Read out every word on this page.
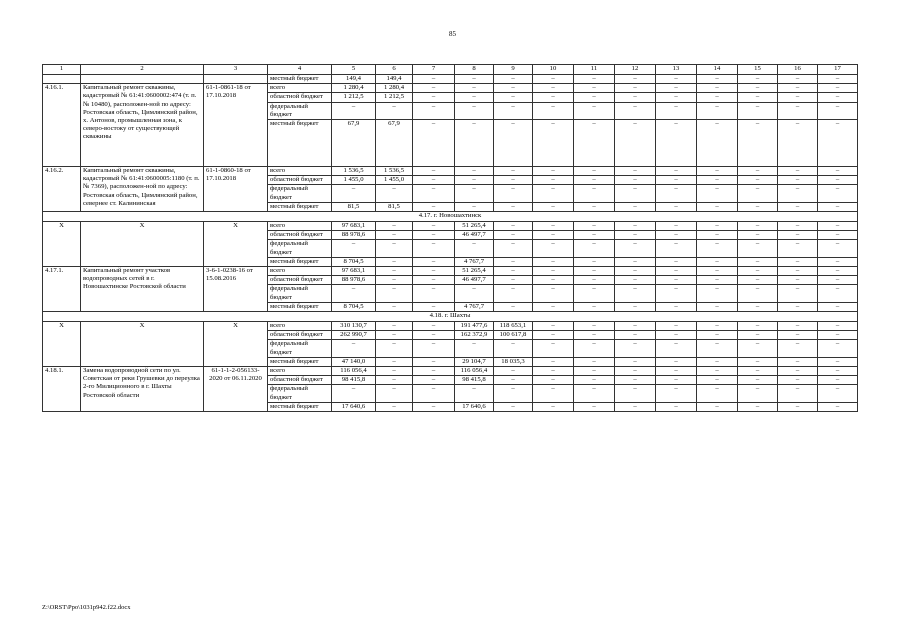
85
1	2	3	4	5	6	7	8	9	10	11	12	13	14	15	16	17
			местный бюджет	149,4	149,4	–	–	–	–	–	–	–	–	–	–	–
4.16.1.	Капитальный ремонт скважины, кадастровый № 61:41:0600002:474 (т. п. № 10480), расположен-ной по адресу: Ростовская область, Цимлянский район, х. Антонов, промышленная зона, к северо-востоку от существующей скважины	61-1-0861-18 от 17.10.2018	всего	1 280,4	1 280,4	–	–	–	–	–	–	–	–	–	–	–
			областной бюджет	1 212,5	1 212,5	–	–	–	–	–	–	–	–	–	–	–
			федеральный бюджет	–	–	–	–	–	–	–	–	–	–	–	–	–
			местный бюджет	67,9	67,9	–	–	–	–	–	–	–	–	–	–	–
4.16.2.	Капитальный ремонт скважины, кадастровый № 61:41:0600005:1180 (т. п. № 7369), расположен-ной по адресу: Ростовская область, Цимлянский район, севернее ст. Калининская	61-1-0860-18 от 17.10.2018	всего	1 536,5	1 536,5	–	–	–	–	–	–	–	–	–	–	–
			областной бюджет	1 455,0	1 455,0	–	–	–	–	–	–	–	–	–	–	–
			федеральный бюджет	–	–	–	–	–	–	–	–	–	–	–	–	–
			местный бюджет	81,5	81,5	–	–	–	–	–	–	–	–	–	–	–
4.17. г. Новошахтинск																
X	X	X	всего	97 683,1	–	–	51 265,4	–	–	–	–	–	–	–	–	–
			областной бюджет	88 978,6	–	–	46 497,7	–	–	–	–	–	–	–	–	–
			федеральный бюджет	–	–	–	–	–	–	–	–	–	–	–	–	–
			местный бюджет	8 704,5	–	–	4 767,7	–	–	–	–	–	–	–	–	–
4.17.1.	Капитальный ремонт участков водопроводных сетей в г. Новошахтинске Ростовской области	3-6-1-0238-16 от 15.08.2016	всего	97 683,1	–	–	51 265,4	–	–	–	–	–	–	–	–	–
			областной бюджет	88 978,6	–	–	46 497,7	–	–	–	–	–	–	–	–	–
			федеральный бюджет	–	–	–	–	–	–	–	–	–	–	–	–	–
			местный бюджет	8 704,5	–	–	4 767,7	–	–	–	–	–	–	–	–	–
4.18. г. Шахты																
X	X	X	всего	310 130,7	–	–	191 477,6	118 653,1	–	–	–	–	–	–	–	–
			областной бюджет	262 990,7	–	–	162 372,9	100 617,8	–	–	–	–	–	–	–	–
			федеральный бюджет	–	–	–	–	–	–	–	–	–	–	–	–	–
			местный бюджет	47 140,0	–	–	29 104,7	18 035,3	–	–	–	–	–	–	–	–
4.18.1.	Замена водопроводной сети по ул. Советская от реки Грушевки до переулка 2-го Милиционного в г. Шахты Ростовской области	61-1-1-2-056133-2020 от 06.11.2020	всего	116 056,4	–	–	116 056,4	–	–	–	–	–	–	–	–	–
			областной бюджет	98 415,8	–	–	98 415,8	–	–	–	–	–	–	–	–	–
			федеральный бюджет	–	–	–	–	–	–	–	–	–	–	–	–	–
			местный бюджет	17 640,6	–	–	17 640,6	–	–	–	–	–	–	–	–	–
Z:\ORST\Ppo\1031p942.f22.docx
